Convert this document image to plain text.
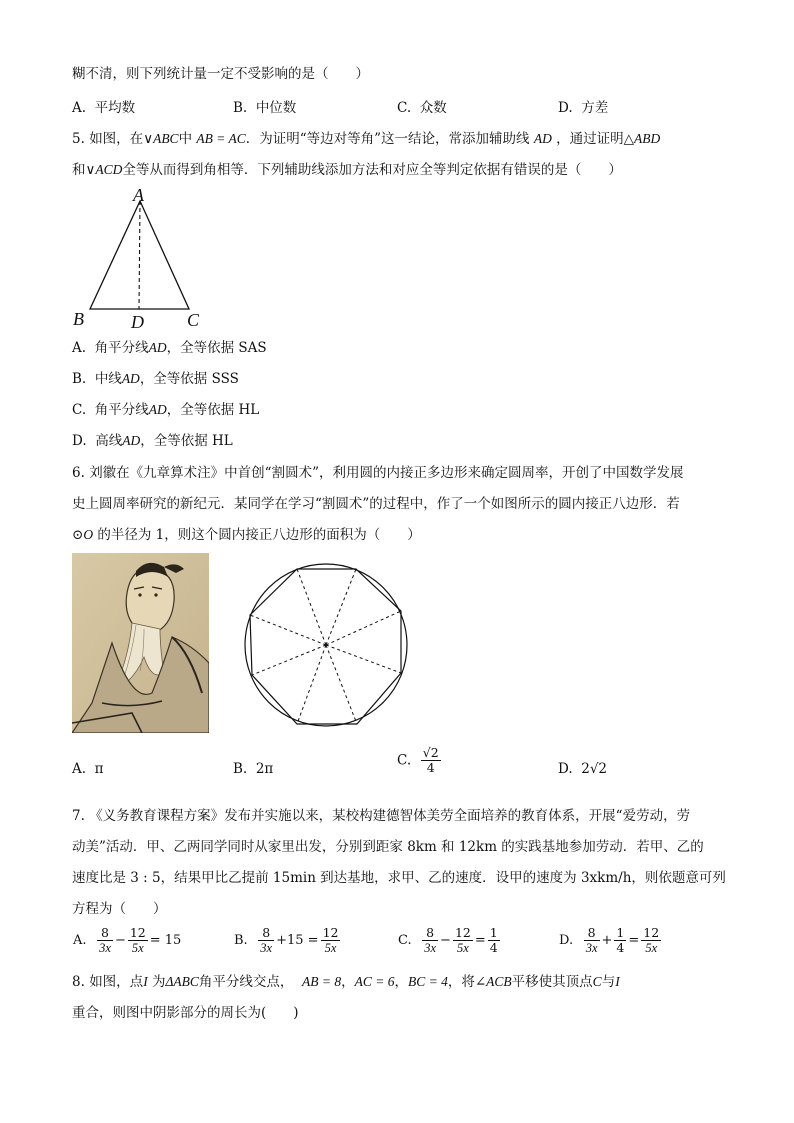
糊不清，则下列统计量一定不受影响的是（　　）
A. 平均数	B. 中位数	C. 众数	D. 方差
5. 如图，在∨ABC中 AB = AC．为证明“等边对等角”这一结论，常添加辅助线 AD ，通过证明△ABD
和∨ACD全等从而得到角相等．下列辅助线添加方法和对应全等判定依据有错误的是（　　）
A
B	D C
A. 角平分线AD，全等依据 SAS
B. 中线AD，全等依据 SSS
C. 角平分线AD，全等依据 HL
D. 高线AD，全等依据 HL
6. 刘徽在《九章算术注》中首创“割圆术”，利用圆的内接正多边形来确定圆周率，开创了中国数学发展
史上圆周率研究的新纪元．某同学在学习“割圆术”的过程中，作了一个如图所示的圆内接正八边形．若
⊙O 的半径为 1，则这个圆内接正八边形的面积为（　　）
A. π	B. 2π
C. $\frac{√2}{4}$	D. 2√2
7. 《义务教育课程方案》发布并实施以来，某校构建德智体美劳全面培养的教育体系，开展“爱劳动，劳
动美”活动．甲、乙两同学同时从家里出发，分别到距家 8km 和 12km 的实践基地参加劳动．若甲、乙的
速度比是 3 : 5，结果甲比乙提前 15min 到达基地，求甲、乙的速度．设甲的速度为 3xkm/h，则依题意可列
方程为（　　）
A. $\frac{8}{3x} - \frac{12}{5x} = 15$	B. $\frac{8}{3x} +15 = \frac{12}{5x}$	C. $\frac{8}{3x} - \frac{12}{5x} = \frac{1}{4}$	D. $\frac{8}{3x} + \frac{1}{4} = \frac{12}{5x}$
8. 如图，点I 为ΔABC角平分线交点， AB = 8，AC = 6，BC = 4，将∠ACB平移使其顶点C与I
重合，则图中阴影部分的周长为(　　)
